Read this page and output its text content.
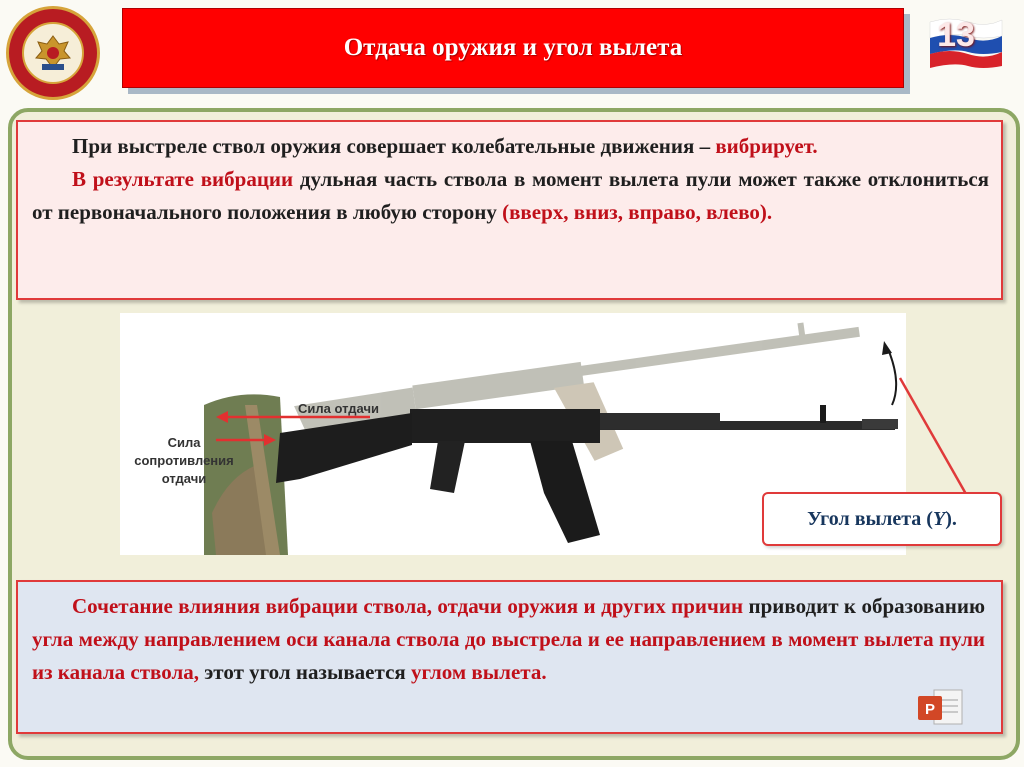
Отдача оружия и угол вылета	13

При выстреле ствол оружия совершает колебательные движения – вибрирует.

В результате вибрации дульная часть ствола в момент вылета пули может также отклониться от первоначального положения в любую сторону (вверх, вниз, вправо, влево).

Сила отдачи
Сила
сопротивления
отдачи
Угол вылета (Y).

Сочетание влияния вибрации ствола, отдачи оружия и других причин приводит к образованию угла между направлением оси канала ствола до выстрела и ее направлением в момент вылета пули из канала ствола, этот угол называется углом вылета.

P
